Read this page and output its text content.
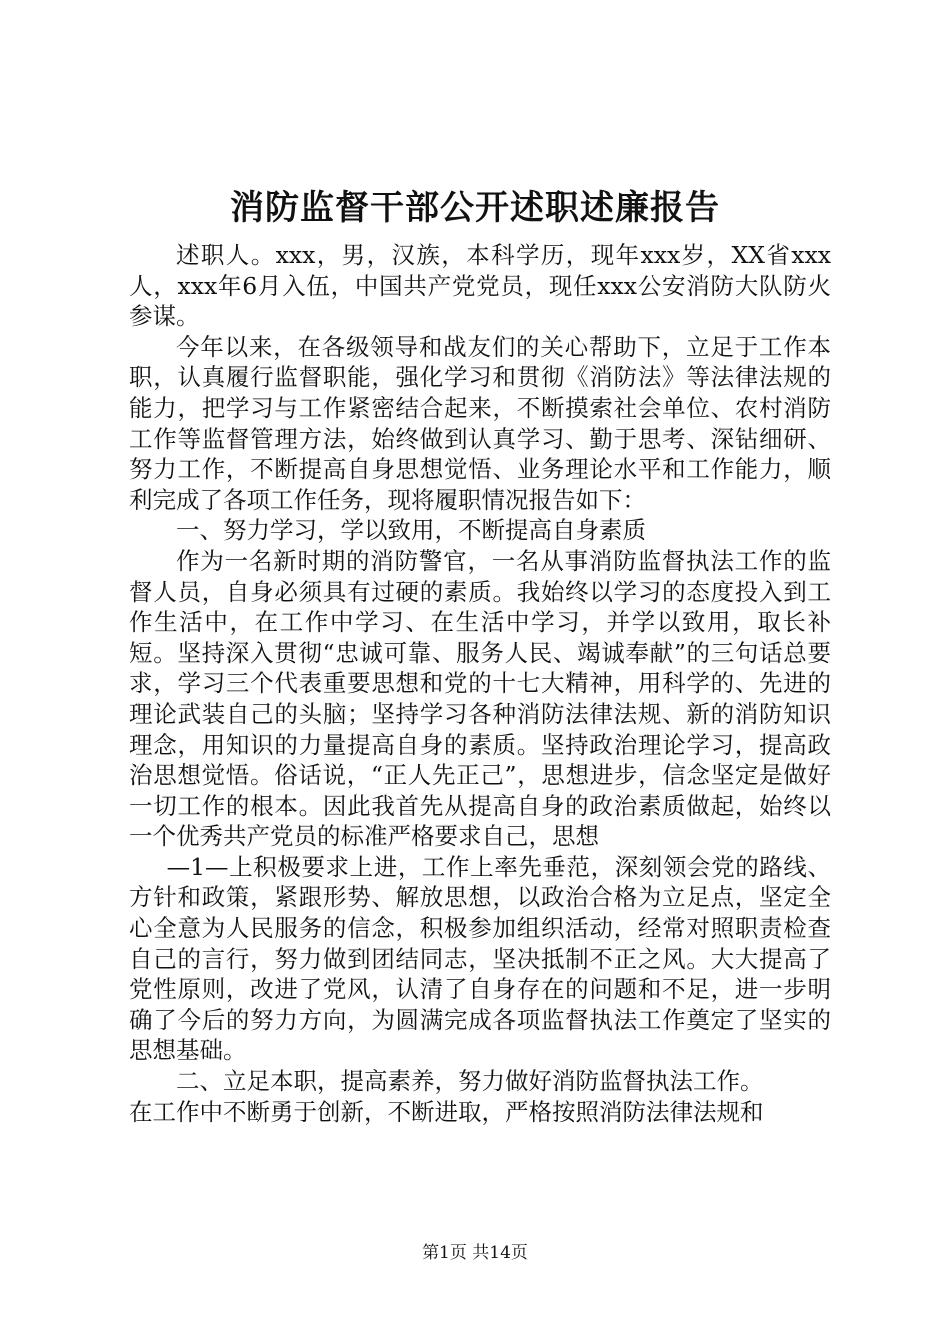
消防监督干部公开述职述廉报告

述职人。xxx，男，汉族，本科学历，现年xxx岁，XX省xxx人，xxx年6月入伍，中国共产党党员，现任xxx公安消防大队防火参谋。

今年以来，在各级领导和战友们的关心帮助下，立足于工作本职，认真履行监督职能，强化学习和贯彻《消防法》等法律法规的能力，把学习与工作紧密结合起来，不断摸索社会单位、农村消防工作等监督管理方法，始终做到认真学习、勤于思考、深钻细研、努力工作，不断提高自身思想觉悟、业务理论水平和工作能力，顺利完成了各项工作任务，现将履职情况报告如下：

一、努力学习，学以致用，不断提高自身素质

作为一名新时期的消防警官，一名从事消防监督执法工作的监督人员，自身必须具有过硬的素质。我始终以学习的态度投入到工作生活中，在工作中学习、在生活中学习，并学以致用，取长补短。坚持深入贯彻“忠诚可靠、服务人民、竭诚奉献”的三句话总要求，学习三个代表重要思想和党的十七大精神，用科学的、先进的理论武装自己的头脑；坚持学习各种消防法律法规、新的消防知识理念，用知识的力量提高自身的素质。坚持政治理论学习，提高政治思想觉悟。俗话说，“正人先正己”，思想进步，信念坚定是做好一切工作的根本。因此我首先从提高自身的政治素质做起，始终以一个优秀共产党员的标准严格要求自己，思想

—1—上积极要求上进，工作上率先垂范，深刻领会党的路线、方针和政策，紧跟形势、解放思想，以政治合格为立足点，坚定全心全意为人民服务的信念，积极参加组织活动，经常对照职责检查自己的言行，努力做到团结同志，坚决抵制不正之风。大大提高了党性原则，改进了党风，认清了自身存在的问题和不足，进一步明确了今后的努力方向，为圆满完成各项监督执法工作奠定了坚实的思想基础。

二、立足本职，提高素养，努力做好消防监督执法工作。

在工作中不断勇于创新，不断进取，严格按照消防法律法规和

第1页 共14页
